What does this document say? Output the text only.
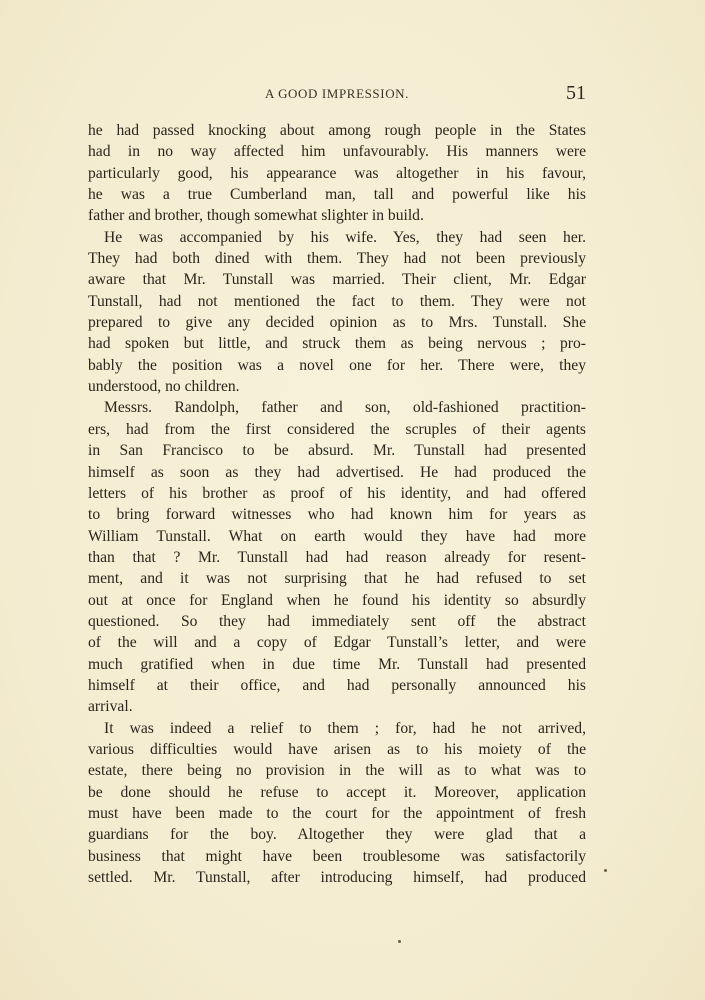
A GOOD IMPRESSION.	51

he had passed knocking about among rough people in the States
had in no way affected him unfavourably. His manners were
particularly good, his appearance was altogether in his favour,
he was a true Cumberland man, tall and powerful like his
father and brother, though somewhat slighter in build.

He was accompanied by his wife. Yes, they had seen her.
They had both dined with them. They had not been previously
aware that Mr. Tunstall was married. Their client, Mr. Edgar
Tunstall, had not mentioned the fact to them. They were not
prepared to give any decided opinion as to Mrs. Tunstall. She
had spoken but little, and struck them as being nervous ; pro-
bably the position was a novel one for her. There were, they
understood, no children.

Messrs. Randolph, father and son, old-fashioned practition-
ers, had from the first considered the scruples of their agents
in San Francisco to be absurd. Mr. Tunstall had presented
himself as soon as they had advertised. He had produced the
letters of his brother as proof of his identity, and had offered
to bring forward witnesses who had known him for years as
William Tunstall. What on earth would they have had more
than that ? Mr. Tunstall had had reason already for resent-
ment, and it was not surprising that he had refused to set
out at once for England when he found his identity so absurdly
questioned. So they had immediately sent off the abstract
of the will and a copy of Edgar Tunstall’s letter, and were
much gratified when in due time Mr. Tunstall had presented
himself at their office, and had personally announced his
arrival.

It was indeed a relief to them ; for, had he not arrived,
various difficulties would have arisen as to his moiety of the
estate, there being no provision in the will as to what was to
be done should he refuse to accept it. Moreover, application
must have been made to the court for the appointment of fresh
guardians for the boy. Altogether they were glad that a
business that might have been troublesome was satisfactorily
settled. Mr. Tunstall, after introducing himself, had produced
